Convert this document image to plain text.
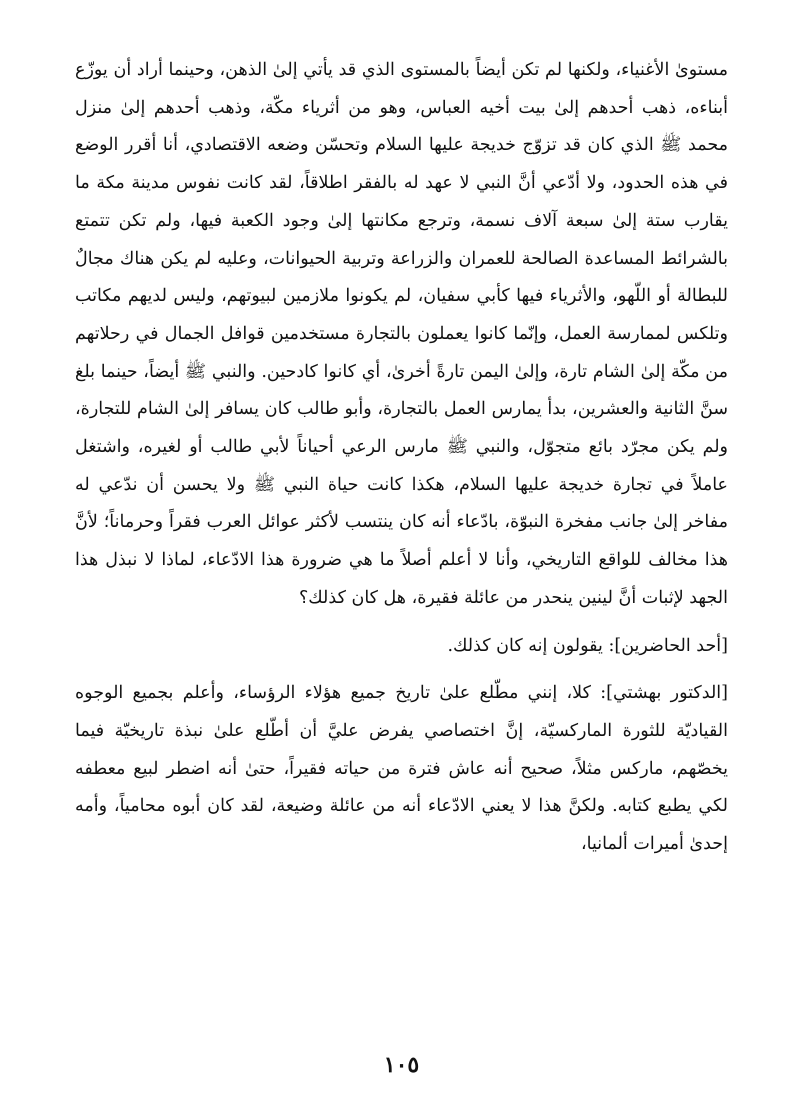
مستوىٰ الأغنياء، ولكنها لم تكن أيضاً بالمستوى الذي قد يأتي إلىٰ الذهن، وحينما أراد أن يوزّع أبناءه، ذهب أحدهم إلىٰ بيت أخيه العباس، وهو من أثرياء مكّة، وذهب أحدهم إلىٰ منزل محمد ﷺ الذي كان قد تزوّج خديجة عليها السلام وتحسّن وضعه الاقتصادي، أنا أقرر الوضع في هذه الحدود، ولا أدّعي أنَّ النبي لا عهد له بالفقر اطلاقاً، لقد كانت نفوس مدينة مكة ما يقارب ستة إلىٰ سبعة آلاف نسمة، وترجع مكانتها إلىٰ وجود الكعبة فيها، ولم تكن تتمتع بالشرائط المساعدة الصالحة للعمران والزراعة وتربية الحيوانات، وعليه لم يكن هناك مجالٌ للبطالة أو اللّهو، والأثرياء فيها كأبي سفيان، لم يكونوا ملازمين لبيوتهم، وليس لديهم مكاتب وتلكس لممارسة العمل، وإنّما كانوا يعملون بالتجارة مستخدمين قوافل الجمال في رحلاتهم من مكّة إلىٰ الشام تارة، وإلىٰ اليمن تارةً أخرىٰ، أي كانوا كادحين. والنبي ﷺ أيضاً، حينما بلغ سنَّ الثانية والعشرين، بدأ يمارس العمل بالتجارة، وأبو طالب كان يسافر إلىٰ الشام للتجارة، ولم يكن مجرّد بائع متجوّل، والنبي ﷺ مارس الرعي أحياناً لأبي طالب أو لغيره، واشتغل عاملاً في تجارة خديجة عليها السلام، هكذا كانت حياة النبي ﷺ ولا يحسن أن ندّعي له مفاخر إلىٰ جانب مفخرة النبوّة، بادّعاء أنه كان ينتسب لأكثر عوائل العرب فقراً وحرماناً؛ لأنَّ هذا مخالف للواقع التاريخي، وأنا لا أعلم أصلاً ما هي ضرورة هذا الادّعاء، لماذا لا نبذل هذا الجهد لإثبات أنَّ لينين ينحدر من عائلة فقيرة، هل كان كذلك؟

[أحد الحاضرين]: يقولون إنه كان كذلك.

[الدكتور بهشتي]: كلا، إنني مطّلع علىٰ تاريخ جميع هؤلاء الرؤساء، وأعلم بجميع الوجوه القياديّة للثورة الماركسيّة، إنَّ اختصاصي يفرض عليَّ أن أطّلع علىٰ نبذة تاريخيّة فيما يخصّهم، ماركس مثلاً، صحيح أنه عاش فترة من حياته فقيراً، حتىٰ أنه اضطر لبيع معطفه لكي يطبع كتابه. ولكنَّ هذا لا يعني الادّعاء أنه من عائلة وضيعة، لقد كان أبوه محامياً، وأمه إحدىٰ أميرات ألمانيا،

١٠٥
